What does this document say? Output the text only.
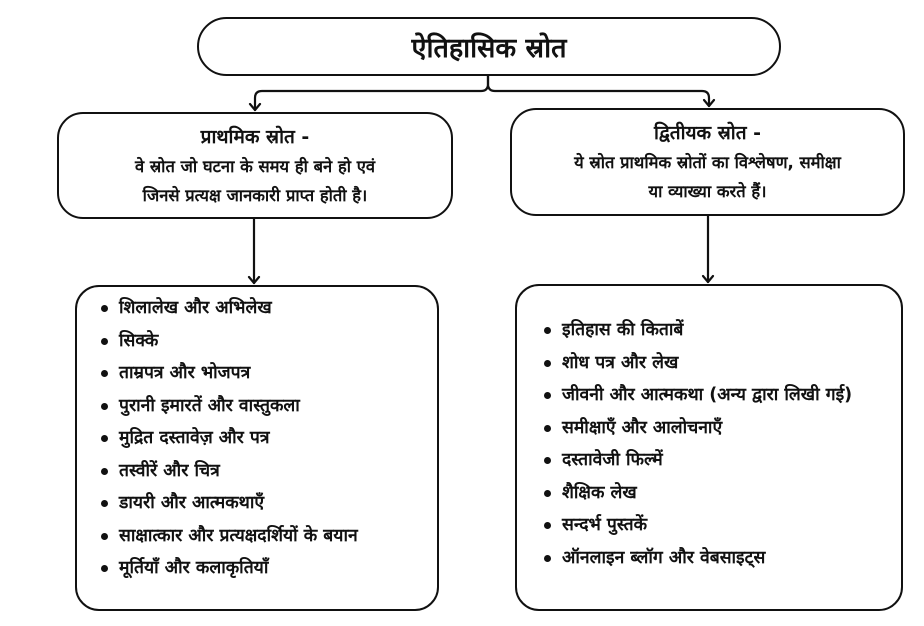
ऐतिहासिक स्रोत
प्राथमिक स्रोत -
वे स्रोत जो घटना के समय ही बने हो एवं
जिनसे प्रत्यक्ष जानकारी प्राप्त होती है।
द्वितीयक स्रोत -
ये स्रोत प्राथमिक स्रोतों का विश्लेषण, समीक्षा
या व्याख्या करते हैं।
शिलालेख और अभिलेख
सिक्के
ताम्रपत्र और भोजपत्र
पुरानी इमारतें और वास्तुकला
मुद्रित दस्तावेज़ और पत्र
तस्वीरें और चित्र
डायरी और आत्मकथाएँ
साक्षात्कार और प्रत्यक्षदर्शियों के बयान
मूर्तियाँ और कलाकृतियाँ
इतिहास की किताबें
शोध पत्र और लेख
जीवनी और आत्मकथा (अन्य द्वारा लिखी गई)
समीक्षाएँ और आलोचनाएँ
दस्तावेजी फिल्में
शैक्षिक लेख
सन्दर्भ पुस्तकें
ऑनलाइन ब्लॉग और वेबसाइट्स
